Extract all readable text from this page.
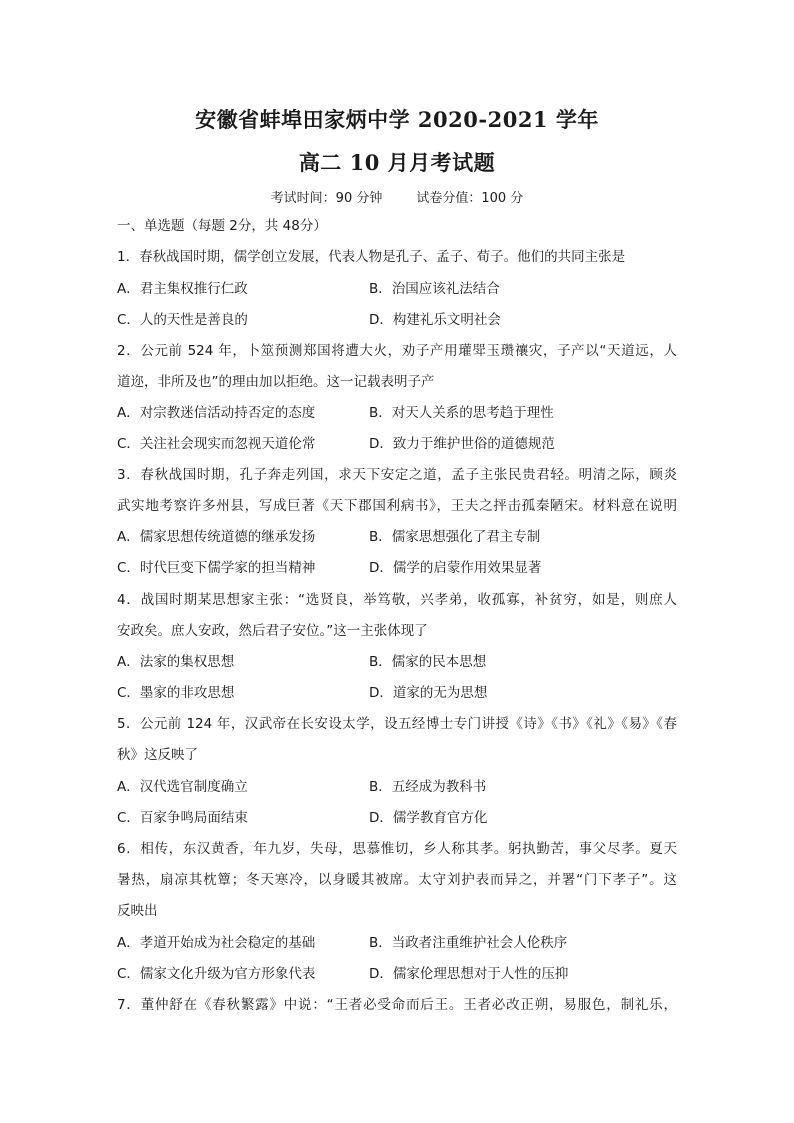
安徽省蚌埠田家炳中学 2020-2021 学年
高二 10 月月考试题
考试时间：90 分钟	试卷分值：100 分
一、单选题（每题 2分，共 48分）
1．春秋战国时期，儒学创立发展，代表人物是孔子、孟子、荀子。他们的共同主张是
A．君主集权推行仁政	B．治国应该礼法结合
C．人的天性是善良的	D．构建礼乐文明社会
2．公元前 524 年，卜筮预测郑国将遭大火，劝子产用瓘斝玉瓒禳灾，子产以“天道远，人
道迩，非所及也”的理由加以拒绝。这一记载表明子产
A．对宗教迷信活动持否定的态度	B．对天人关系的思考趋于理性
C．关注社会现实而忽视天道伦常	D．致力于维护世俗的道德规范
3．春秋战国时期，孔子奔走列国，求天下安定之道，孟子主张民贵君轻。明清之际，顾炎
武实地考察许多州县，写成巨著《天下郡国利病书》，王夫之抨击孤秦陋宋。材料意在说明
A．儒家思想传统道德的继承发扬	B．儒家思想强化了君主专制
C．时代巨变下儒学家的担当精神	D．儒学的启蒙作用效果显著
4．战国时期某思想家主张：“选贤良，举笃敬，兴孝弟，收孤寡，补贫穷，如是，则庶人
安政矣。庶人安政，然后君子安位。”这一主张体现了
A．法家的集权思想	B．儒家的民本思想
C．墨家的非攻思想	D．道家的无为思想
5．公元前 124 年，汉武帝在长安设太学，设五经博士专门讲授《诗》《书》《礼》《易》《春
秋》这反映了
A．汉代选官制度确立	B．五经成为教科书
C．百家争鸣局面结束	D．儒学教育官方化
6．相传，东汉黄香，年九岁，失母，思慕惟切，乡人称其孝。躬执勤苦，事父尽孝。夏天
暑热，扇凉其枕簟；冬天寒冷，以身暖其被席。太守刘护表而异之，并署“门下孝子”。这
反映出
A．孝道开始成为社会稳定的基础	B．当政者注重维护社会人伦秩序
C．儒家文化升级为官方形象代表	D．儒家伦理思想对于人性的压抑
7．董仲舒在《春秋繁露》中说：“王者必受命而后王。王者必改正朔，易服色，制礼乐，
